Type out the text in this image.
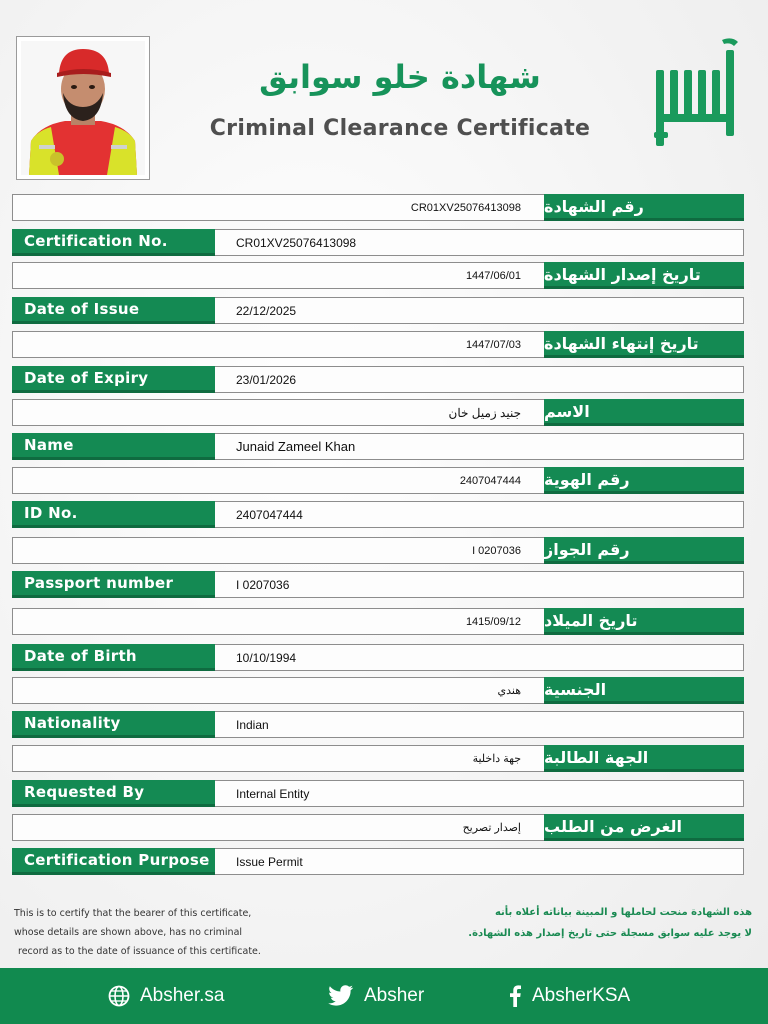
شهادة خلو سوابق
Criminal Clearance Certificate
رقم الشهادة
CR01XV25076413098
Certification No.	CR01XV25076413098
تاريخ إصدار الشهادة
1447/06/01
Date of Issue	22/12/2025
تاريخ إنتهاء الشهادة
1447/07/03
Date of Expiry	23/01/2026
الاسم
جنيد زميل خان
Name	Junaid Zameel Khan
رقم الهوية
2407047444
ID No.	2407047444
رقم الجواز
I 0207036
Passport number	I 0207036
تاريخ الميلاد
1415/09/12
Date of Birth	10/10/1994
الجنسية
هندي
Nationality	Indian
الجهة الطالبة
جهة داخلية
Requested By	Internal Entity
الغرض من الطلب
إصدار تصريح
Certification Purpose	Issue Permit
This is to certify that the bearer of this certificate,
whose details are shown above, has no criminal
record as to the date of issuance of this certificate.
هذه الشهادة منحت لحاملها و المبينة بياناته أعلاه بأنه
لا يوجد عليه سوابق مسجلة حتى تاريخ إصدار هذه الشهادة.
Absher.sa	Absher	AbsherKSA
